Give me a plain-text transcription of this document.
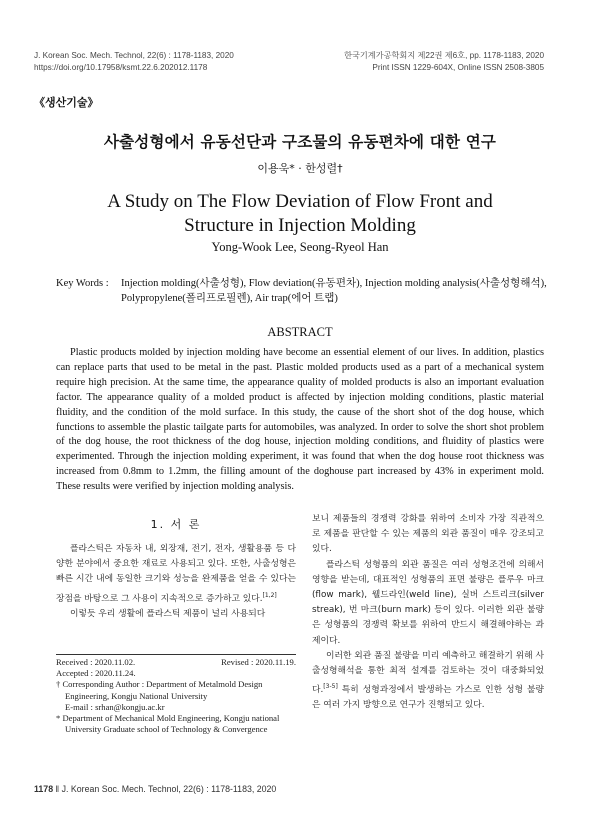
J. Korean Soc. Mech. Technol, 22(6) : 1178-1183, 2020
https://doi.org/10.17958/ksmt.22.6.202012.1178
한국기계가공학회지 제22권 제6호, pp. 1178-1183, 2020
Print ISSN 1229-604X, Online ISSN 2508-3805
《생산기술》
사출성형에서 유동선단과 구조물의 유동편차에 대한 연구
이용욱* · 한성렬†
A Study on The Flow Deviation of Flow Front and
Structure in Injection Molding
Yong-Wook Lee, Seong-Ryeol Han
Key Words : Injection molding(사출성형), Flow deviation(유동편차), Injection molding analysis(사출성형해석),
Polypropylene(폴리프로필렌), Air trap(에어 트랩)
ABSTRACT

Plastic products molded by injection molding have become an essential element of our lives. In addition, plastics can replace parts that used to be metal in the past. Plastic molded products used as a part of a mechanical system require high precision. At the same time, the appearance quality of molded products is also an important evaluation factor. The appearance quality of a molded product is affected by injection molding conditions, plastic material fluidity, and the condition of the mold surface. In this study, the cause of the short shot of the dog house, which functions to assemble the plastic tailgate parts for automobiles, was analyzed. In order to solve the short shot problem of the dog house, the root thickness of the dog house, injection molding conditions, and fluidity of plastics were experimented. Through the injection molding experiment, it was found that when the dog house root thickness was increased from 0.8mm to 1.2mm, the filling amount of the doghouse part increased by 43% in experiment mold. These results were verified by injection molding analysis.

1. 서 론

플라스틱은 자동차 내, 외장재, 전기, 전자, 생활용품 등 다양한 분야에서 중요한 재료로 사용되고 있다. 또한, 사출성형은 빠른 시간 내에 동일한 크기와 성능을 완제품을 얻을 수 있다는 장점을 바탕으로 그 사용이 지속적으로 증가하고 있다.[1,2]

이렇듯 우리 생활에 플라스틱 제품이 널리 사용되다

Received : 2020.11.02.	Revised : 2020.11.19.
Accepted : 2020.11.24.
† Corresponding Author : Department of Metalmold Design
Engineering, Kongju National University
E-mail : srhan@kongju.ac.kr
* Department of Mechanical Mold Engineering, Kongju national
University Graduate school of Technology & Convergence

보니 제품들의 경쟁력 강화를 위하여 소비자 가장 직관적으로 제품을 판단할 수 있는 제품의 외관 품질이 매우 강조되고 있다.

플라스틱 성형품의 외관 품질은 여러 성형조건에 의해서 영향을 받는데, 대표적인 성형품의 표면 불량은 플루우 마크(flow mark), 웰드라인(weld line), 실버 스트리크(silver streak), 번 마크(burn mark) 등이 있다. 이러한 외관 불량은 성형품의 경쟁력 확보를 위하여 반드시 해결해야하는 과제이다.

이러한 외관 품질 불량을 미리 예측하고 해결하기 위해 사출성형해석을 통한 최적 설계를 검토하는 것이 대중화되었다.[3-5] 특히 성형과정에서 발생하는 가스로 인한 성형 불량은 여러 가지 방향으로 연구가 진행되고 있다.

1178 ‖ J. Korean Soc. Mech. Technol, 22(6) : 1178-1183, 2020
